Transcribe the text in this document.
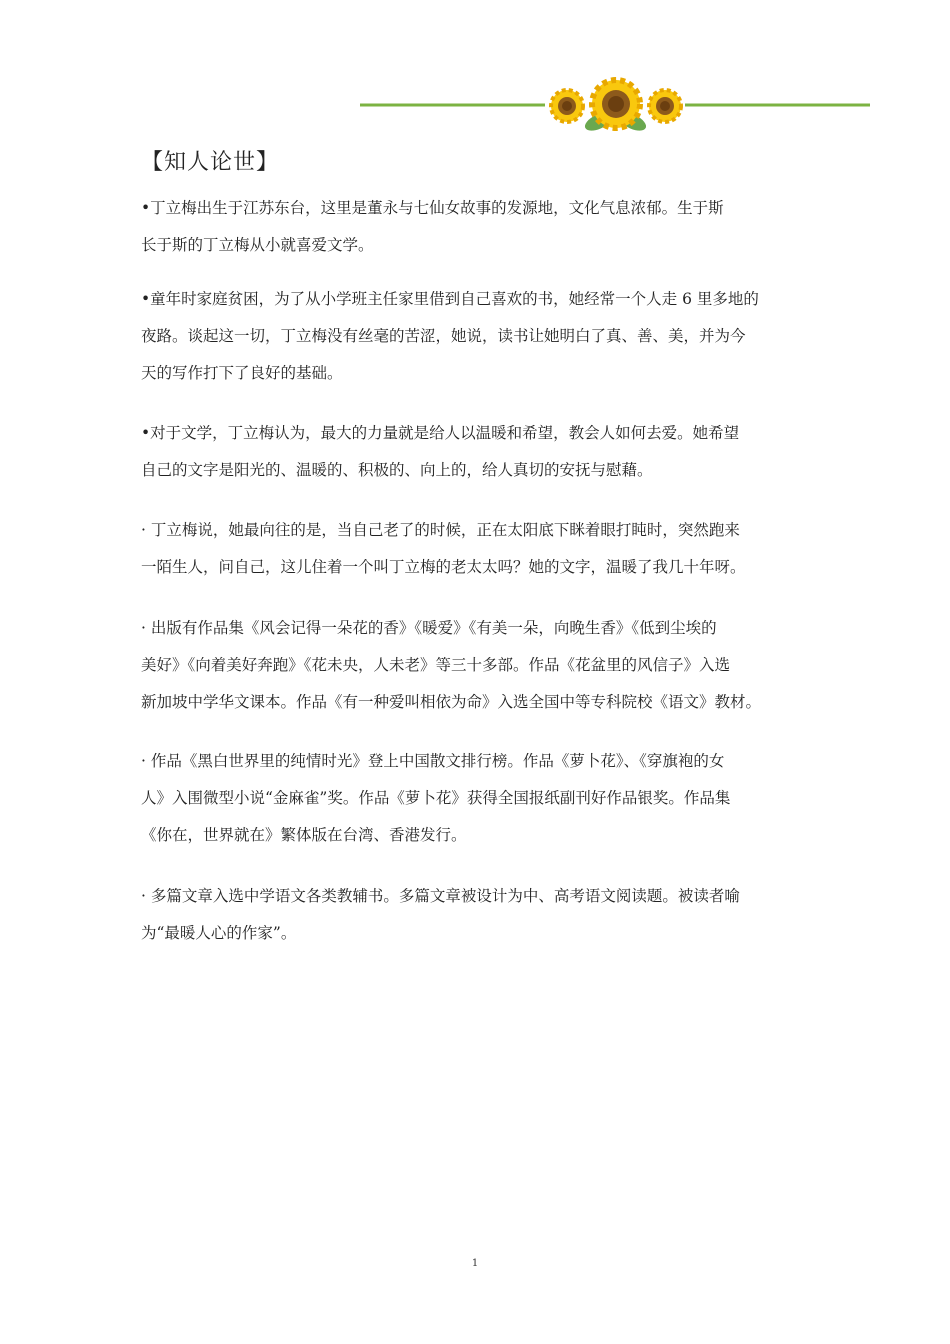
【知人论世】

•丁立梅出生于江苏东台，这里是董永与七仙女故事的发源地，文化气息浓郁。生于斯
长于斯的丁立梅从小就喜爱文学。

•童年时家庭贫困，为了从小学班主任家里借到自己喜欢的书，她经常一个人走 6 里多地的
夜路。谈起这一切，丁立梅没有丝毫的苦涩，她说，读书让她明白了真、善、美，并为今
天的写作打下了良好的基础。

•对于文学，丁立梅认为，最大的力量就是给人以温暖和希望，教会人如何去爱。她希望
自己的文字是阳光的、温暖的、积极的、向上的，给人真切的安抚与慰藉。

· 丁立梅说，她最向往的是，当自己老了的时候，正在太阳底下眯着眼打盹时，突然跑来
一陌生人，问自己，这儿住着一个叫丁立梅的老太太吗？她的文字，温暖了我几十年呀。

· 出版有作品集《风会记得一朵花的香》《暖爱》《有美一朵，向晚生香》《低到尘埃的
美好》《向着美好奔跑》《花未央，人未老》等三十多部。作品《花盆里的风信子》入选
新加坡中学华文课本。作品《有一种爱叫相依为命》入选全国中等专科院校《语文》教材。

· 作品《黑白世界里的纯情时光》登上中国散文排行榜。作品《萝卜花》、《穿旗袍的女
人》入围微型小说“金麻雀”奖。作品《萝卜花》获得全国报纸副刊好作品银奖。作品集
《你在，世界就在》繁体版在台湾、香港发行。

· 多篇文章入选中学语文各类教辅书。多篇文章被设计为中、高考语文阅读题。被读者喻
为“最暖人心的作家”。

1
